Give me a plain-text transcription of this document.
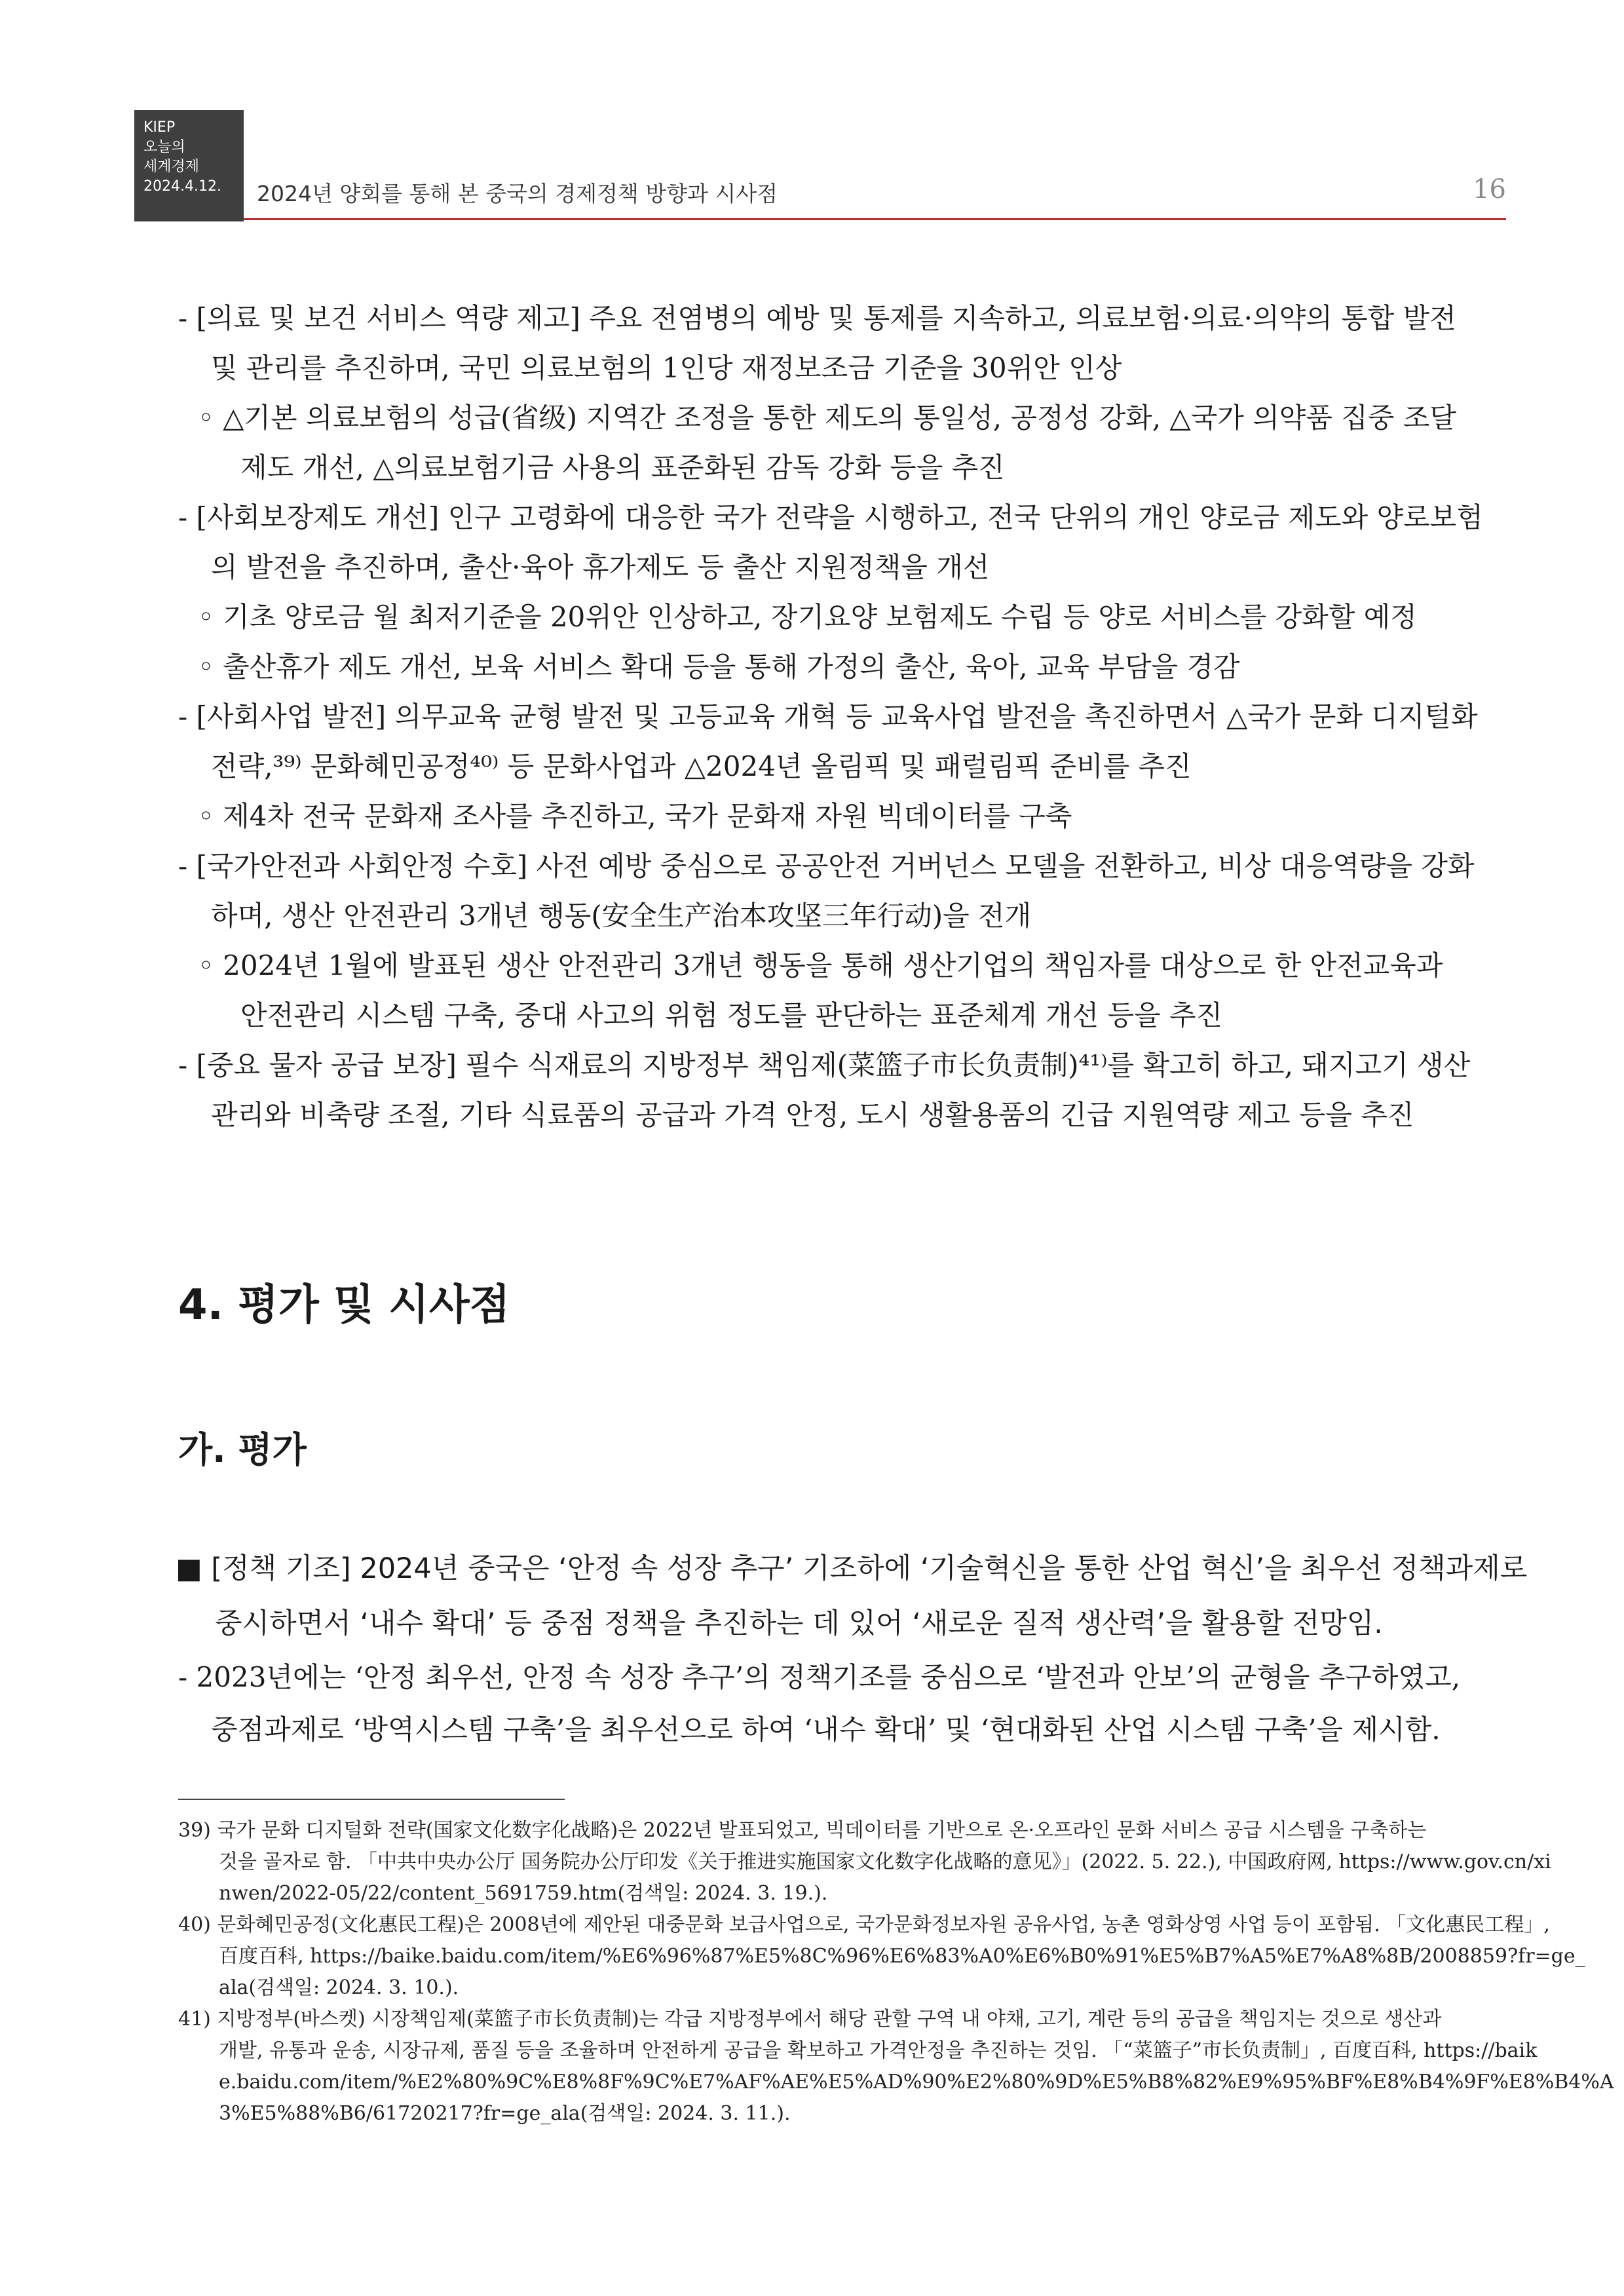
KIEP
오늘의
세계경제
2024.4.12.	2024년 양회를 통해 본 중국의 경제정책 방향과 시사점	16
- [의료 및 보건 서비스 역량 제고] 주요 전염병의 예방 및 통제를 지속하고, 의료보험·의료·의약의 통합 발전
및 관리를 추진하며, 국민 의료보험의 1인당 재정보조금 기준을 30위안 인상
◦ △기본 의료보험의 성급(省级) 지역간 조정을 통한 제도의 통일성, 공정성 강화, △국가 의약품 집중 조달
제도 개선, △의료보험기금 사용의 표준화된 감독 강화 등을 추진
- [사회보장제도 개선] 인구 고령화에 대응한 국가 전략을 시행하고, 전국 단위의 개인 양로금 제도와 양로보험
의 발전을 추진하며, 출산·육아 휴가제도 등 출산 지원정책을 개선
◦ 기초 양로금 월 최저기준을 20위안 인상하고, 장기요양 보험제도 수립 등 양로 서비스를 강화할 예정
◦ 출산휴가 제도 개선, 보육 서비스 확대 등을 통해 가정의 출산, 육아, 교육 부담을 경감
- [사회사업 발전] 의무교육 균형 발전 및 고등교육 개혁 등 교육사업 발전을 촉진하면서 △국가 문화 디지털화
전략,³⁹⁾ 문화혜민공정⁴⁰⁾ 등 문화사업과 △2024년 올림픽 및 패럴림픽 준비를 추진
◦ 제4차 전국 문화재 조사를 추진하고, 국가 문화재 자원 빅데이터를 구축
- [국가안전과 사회안정 수호] 사전 예방 중심으로 공공안전 거버넌스 모델을 전환하고, 비상 대응역량을 강화
하며, 생산 안전관리 3개년 행동(安全生产治本攻坚三年行动)을 전개
◦ 2024년 1월에 발표된 생산 안전관리 3개년 행동을 통해 생산기업의 책임자를 대상으로 한 안전교육과
안전관리 시스템 구축, 중대 사고의 위험 정도를 판단하는 표준체계 개선 등을 추진
- [중요 물자 공급 보장] 필수 식재료의 지방정부 책임제(菜篮子市长负责制)⁴¹⁾를 확고히 하고, 돼지고기 생산
관리와 비축량 조절, 기타 식료품의 공급과 가격 안정, 도시 생활용품의 긴급 지원역량 제고 등을 추진
4. 평가 및 시사점
가. 평가
■ [정책 기조] 2024년 중국은 ‘안정 속 성장 추구’ 기조하에 ‘기술혁신을 통한 산업 혁신’을 최우선 정책과제로
중시하면서 ‘내수 확대’ 등 중점 정책을 추진하는 데 있어 ‘새로운 질적 생산력’을 활용할 전망임.
- 2023년에는 ‘안정 최우선, 안정 속 성장 추구’의 정책기조를 중심으로 ‘발전과 안보’의 균형을 추구하였고,
중점과제로 ‘방역시스템 구축’을 최우선으로 하여 ‘내수 확대’ 및 ‘현대화된 산업 시스템 구축’을 제시함.
39) 국가 문화 디지털화 전략(国家文化数字化战略)은 2022년 발표되었고, 빅데이터를 기반으로 온·오프라인 문화 서비스 공급 시스템을 구축하는
것을 골자로 함. 「中共中央办公厅 国务院办公厅印发《关于推进实施国家文化数字化战略的意见》」(2022. 5. 22.), 中国政府网, https://www.gov.cn/xi
nwen/2022-05/22/content_5691759.htm(검색일: 2024. 3. 19.).
40) 문화혜민공정(文化惠民工程)은 2008년에 제안된 대중문화 보급사업으로, 국가문화정보자원 공유사업, 농촌 영화상영 사업 등이 포함됨. 「文化惠民工程」,
百度百科, https://baike.baidu.com/item/%E6%96%87%E5%8C%96%E6%83%A0%E6%B0%91%E5%B7%A5%E7%A8%8B/2008859?fr=ge_
ala(검색일: 2024. 3. 10.).
41) 지방정부(바스켓) 시장책임제(菜篮子市长负责制)는 각급 지방정부에서 해당 관할 구역 내 야채, 고기, 계란 등의 공급을 책임지는 것으로 생산과
개발, 유통과 운송, 시장규제, 품질 등을 조율하며 안전하게 공급을 확보하고 가격안정을 추진하는 것임. 「“菜篮子”市长负责制」, 百度百科, https://baik
e.baidu.com/item/%E2%80%9C%E8%8F%9C%E7%AF%AE%E5%AD%90%E2%80%9D%E5%B8%82%E9%95%BF%E8%B4%9F%E8%B4%A
3%E5%88%B6/61720217?fr=ge_ala(검색일: 2024. 3. 11.).
